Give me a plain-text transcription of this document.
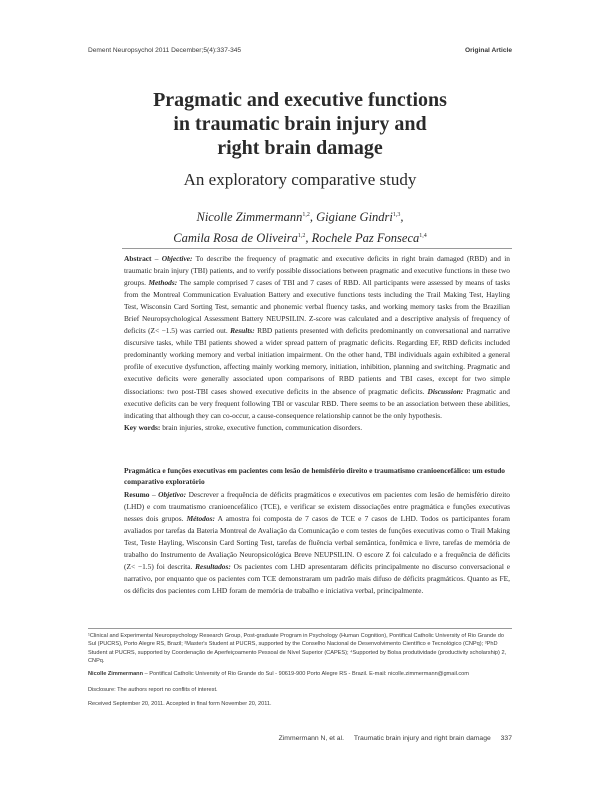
Dement Neuropsychol 2011 December;5(4):337-345	Original Article
Pragmatic and executive functions
in traumatic brain injury and
right brain damage
An exploratory comparative study
Nicolle Zimmermann$^{1,2}$, Gigiane Gindri$^{1,3}$,
Camila Rosa de Oliveira$^{1,2}$, Rochele Paz Fonseca$^{1,4}$
Abstract – Objective: To describe the frequency of pragmatic and executive deficits in right brain damaged (RBD) and in traumatic brain injury (TBI) patients, and to verify possible dissociations between pragmatic and executive functions in these two groups. Methods: The sample comprised 7 cases of TBI and 7 cases of RBD. All participants were assessed by means of tasks from the Montreal Communication Evaluation Battery and executive functions tests including the Trail Making Test, Hayling Test, Wisconsin Card Sorting Test, semantic and phonemic verbal fluency tasks, and working memory tasks from the Brazilian Brief Neuropsychological Assessment Battery NEUPSILIN. Z-score was calculated and a descriptive analysis of frequency of deficits (Z< −1.5) was carried out. Results: RBD patients presented with deficits predominantly on conversational and narrative discursive tasks, while TBI patients showed a wider spread pattern of pragmatic deficits. Regarding EF, RBD deficits included predominantly working memory and verbal initiation impairment. On the other hand, TBI individuals again exhibited a general profile of executive dysfunction, affecting mainly working memory, initiation, inhibition, planning and switching. Pragmatic and executive deficits were generally associated upon comparisons of RBD patients and TBI cases, except for two simple dissociations: two post-TBI cases showed executive deficits in the absence of pragmatic deficits. Discussion: Pragmatic and executive deficits can be very frequent following TBI or vascular RBD. There seems to be an association between these abilities, indicating that although they can co-occur, a cause-consequence relationship cannot be the only hypothesis.
Key words: brain injuries, stroke, executive function, communication disorders.
Pragmática e funções executivas em pacientes com lesão de hemisfério direito e traumatismo cranioencefálico: um estudo comparativo exploratório
Resumo – Objetivo: Descrever a frequência de déficits pragmáticos e executivos em pacientes com lesão de hemisfério direito (LHD) e com traumatismo cranioencefálico (TCE), e verificar se existem dissociações entre pragmática e funções executivas nesses dois grupos. Métodos: A amostra foi composta de 7 casos de TCE e 7 casos de LHD. Todos os participantes foram avaliados por tarefas da Bateria Montreal de Avaliação da Comunicação e com testes de funções executivas como o Trail Making Test, Teste Hayling, Wisconsin Card Sorting Test, tarefas de fluência verbal semântica, fonêmica e livre, tarefas de memória de trabalho do Instrumento de Avaliação Neuropsicológica Breve NEUPSILIN. O escore Z foi calculado e a frequência de déficits (Z< −1.5) foi descrita. Resultados: Os pacientes com LHD apresentaram déficits principalmente no discurso conversacional e narrativo, por enquanto que os pacientes com TCE demonstraram um padrão mais difuso de déficits pragmáticos. Quanto as FE, os déficits dos pacientes com LHD foram de memória de trabalho e iniciativa verbal, principalmente.
¹Clinical and Experimental Neuropsychology Research Group, Post-graduate Program in Psychology (Human Cognition), Pontifical Catholic University of Rio Grande do Sul (PUCRS), Porto Alegre RS, Brazil; ²Master's Student at PUCRS, supported by the Conselho Nacional de Desenvolvimento Científico e Tecnológico (CNPq); ³PhD Student at PUCRS, supported by Coordenação de Aperfeiçoamento Pessoal de Nível Superior (CAPES); ⁴Supported by Bolsa produtividade (productivity scholarship) 2, CNPq.
Nicolle Zimmermann – Pontifical Catholic University of Rio Grande do Sul - 90619-900 Porto Alegre RS - Brazil. E-mail: nicolle.zimmermann@gmail.com
Disclosure: The authors report no conflits of interest.
Received September 20, 2011. Accepted in final form November 20, 2011.
Zimmermann N, et al. Traumatic brain injury and right brain damage 337
